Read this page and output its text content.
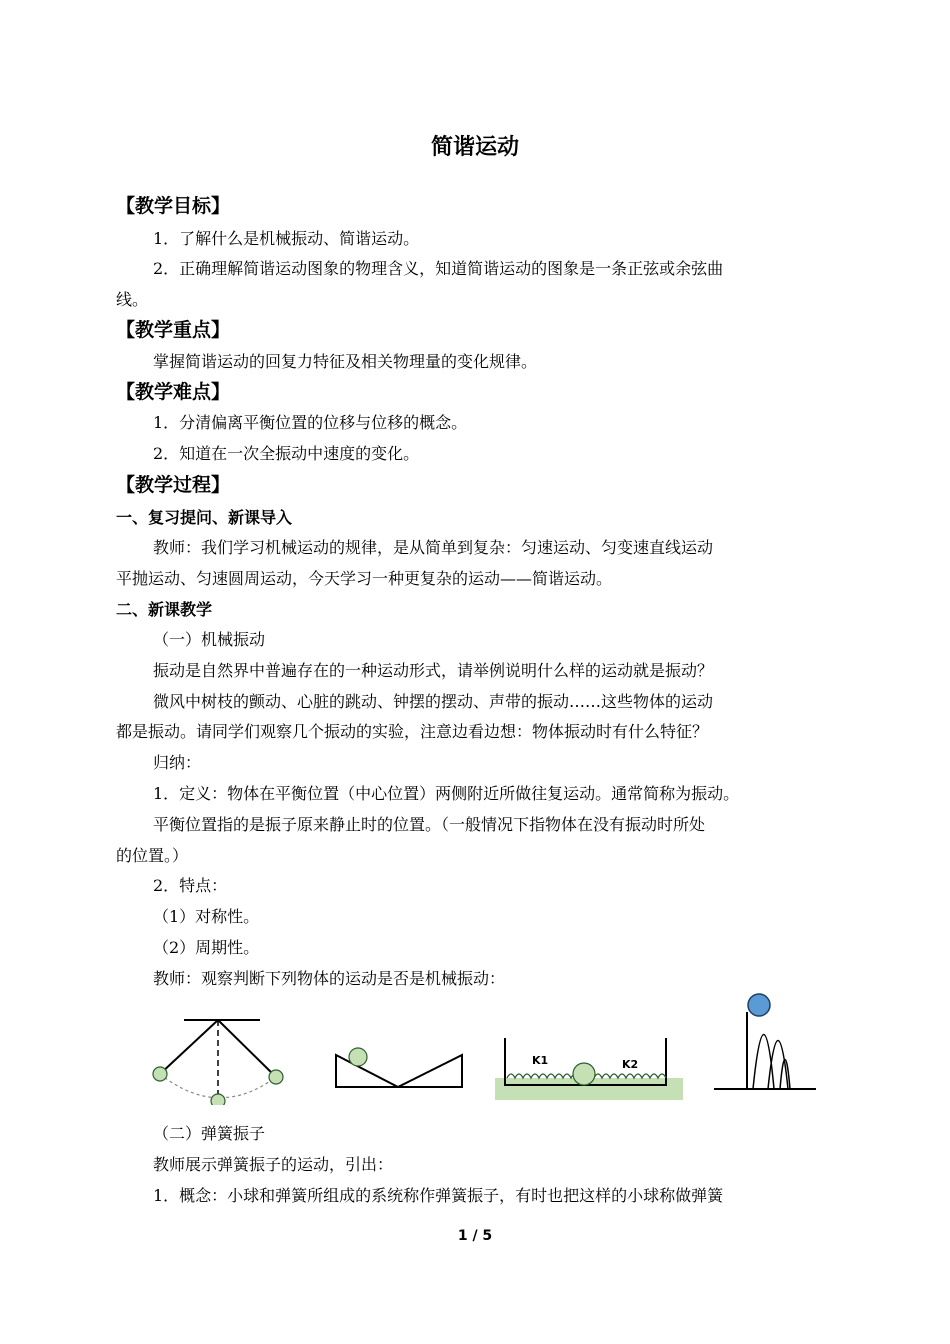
简谐运动
【教学目标】
1．了解什么是机械振动、简谐运动。
2．正确理解简谐运动图象的物理含义，知道简谐运动的图象是一条正弦或余弦曲
线。
【教学重点】
掌握简谐运动的回复力特征及相关物理量的变化规律。
【教学难点】
1．分清偏离平衡位置的位移与位移的概念。
2．知道在一次全振动中速度的变化。
【教学过程】
一、复习提问、新课导入
教师：我们学习机械运动的规律，是从简单到复杂：匀速运动、匀变速直线运动
平抛运动、匀速圆周运动，今天学习一种更复杂的运动——简谐运动。
二、新课教学
（一）机械振动
振动是自然界中普遍存在的一种运动形式，请举例说明什么样的运动就是振动？
微风中树枝的颤动、心脏的跳动、钟摆的摆动、声带的振动……这些物体的运动
都是振动。请同学们观察几个振动的实验，注意边看边想：物体振动时有什么特征？
归纳：
1．定义：物体在平衡位置（中心位置）两侧附近所做往复运动。通常简称为振动。
平衡位置指的是振子原来静止时的位置。（一般情况下指物体在没有振动时所处
的位置。）
2．特点：
（1）对称性。
（2）周期性。
教师：观察判断下列物体的运动是否是机械振动：
K1	K2
（二）弹簧振子
教师展示弹簧振子的运动，引出：
1．概念：小球和弹簧所组成的系统称作弹簧振子，有时也把这样的小球称做弹簧
1 / 5
